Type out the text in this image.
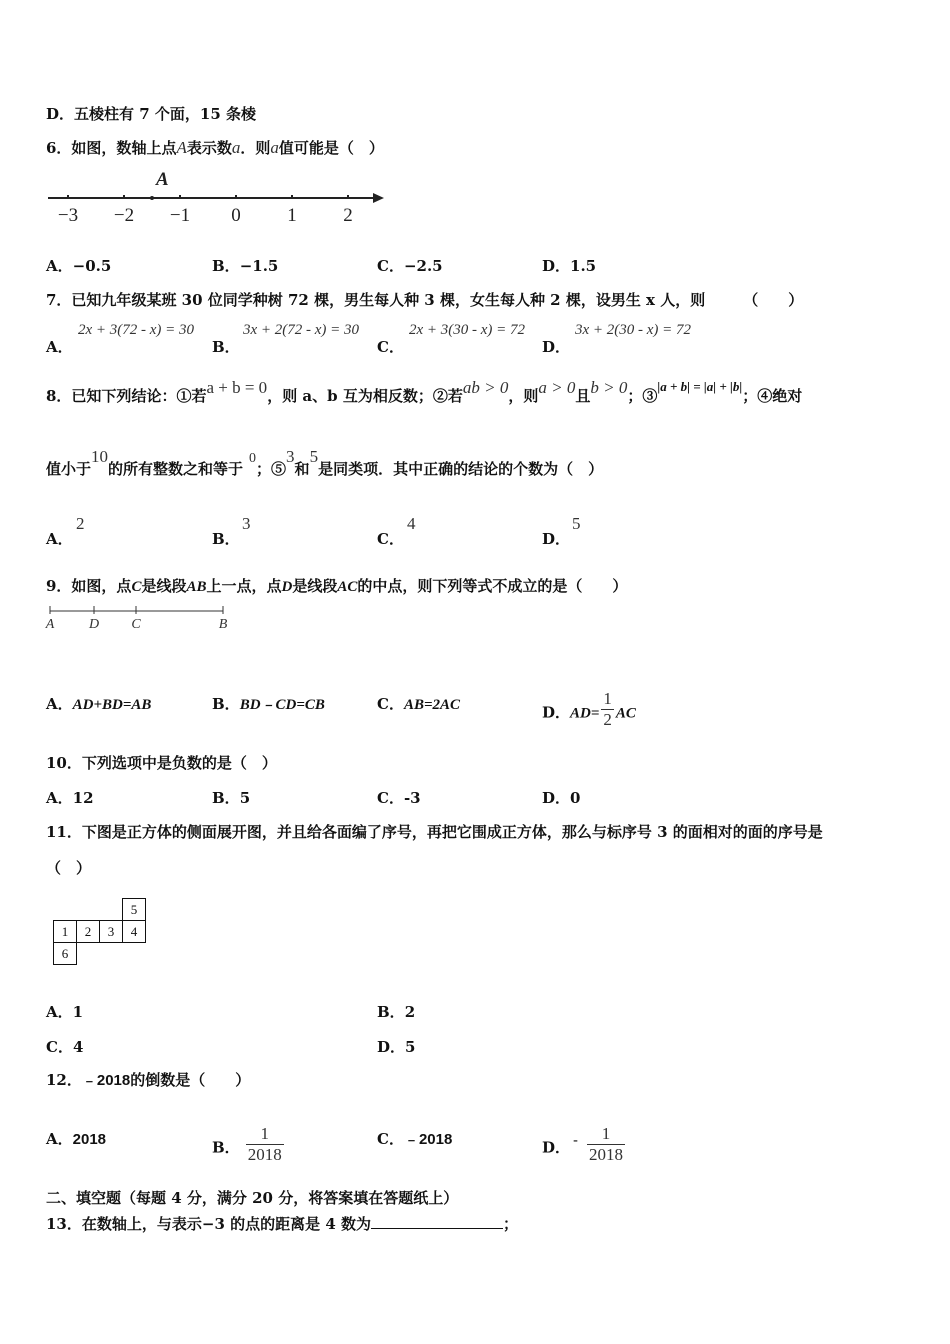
D．五棱柱有 7 个面，15 条棱
6．如图，数轴上点A表示数a．则a值可能是（　）
−3 −2 −1 0 1 2
A
A．−0.5	B．−1.5	C．−2.5	D．1.5
7．已知九年级某班 30 位同学种树 72 棵，男生每人种 3 棵，女生每人种 2 棵，设男生 x 人，则	（　　）
A．
2x + 3(72 - x) = 30
B．
3x + 2(72 - x) = 30
C．
2x + 3(30 - x) = 72
D．
3x + 2(30 - x) = 72
8．已知下列结论：①若a + b = 0，则 a、b 互为相反数；②若ab > 0，则a > 0且b > 0；③|a + b| = |a| + |b|；④绝对
值小于10的所有整数之和等于0；⑤3和5是同类项．其中正确的结论的个数为（　）
A．
2
B．
3
C．
4
D．
5
9．如图，点C是线段AB上一点，点D是线段AC的中点，则下列等式不成立的是（　　）
A D C	B
A．AD+BD=AB	B．BD﹣CD=CB	C．AB=2AC	D．$AD= \frac{1}{2}$ AC
10．下列选项中是负数的是（　）
A．12	B．5	C．-3	D．0
11．下图是正方体的侧面展开图，并且给各面编了序号，再把它围成正方体，那么与标序号 3 的面相对的面的序号是
（　）
			5
1	2	3	4
6			
A．1	B．2
C．4	D．5
12．﹣2018的倒数是（　　）
A．2018	B． $\frac{1}{2018}$	C．﹣2018	D． - $\frac{1}{2018}$
二、填空题（每题 4 分，满分 20 分，将答案填在答题纸上）
13．在数轴上，与表示−3 的点的距离是 4 数为	；
